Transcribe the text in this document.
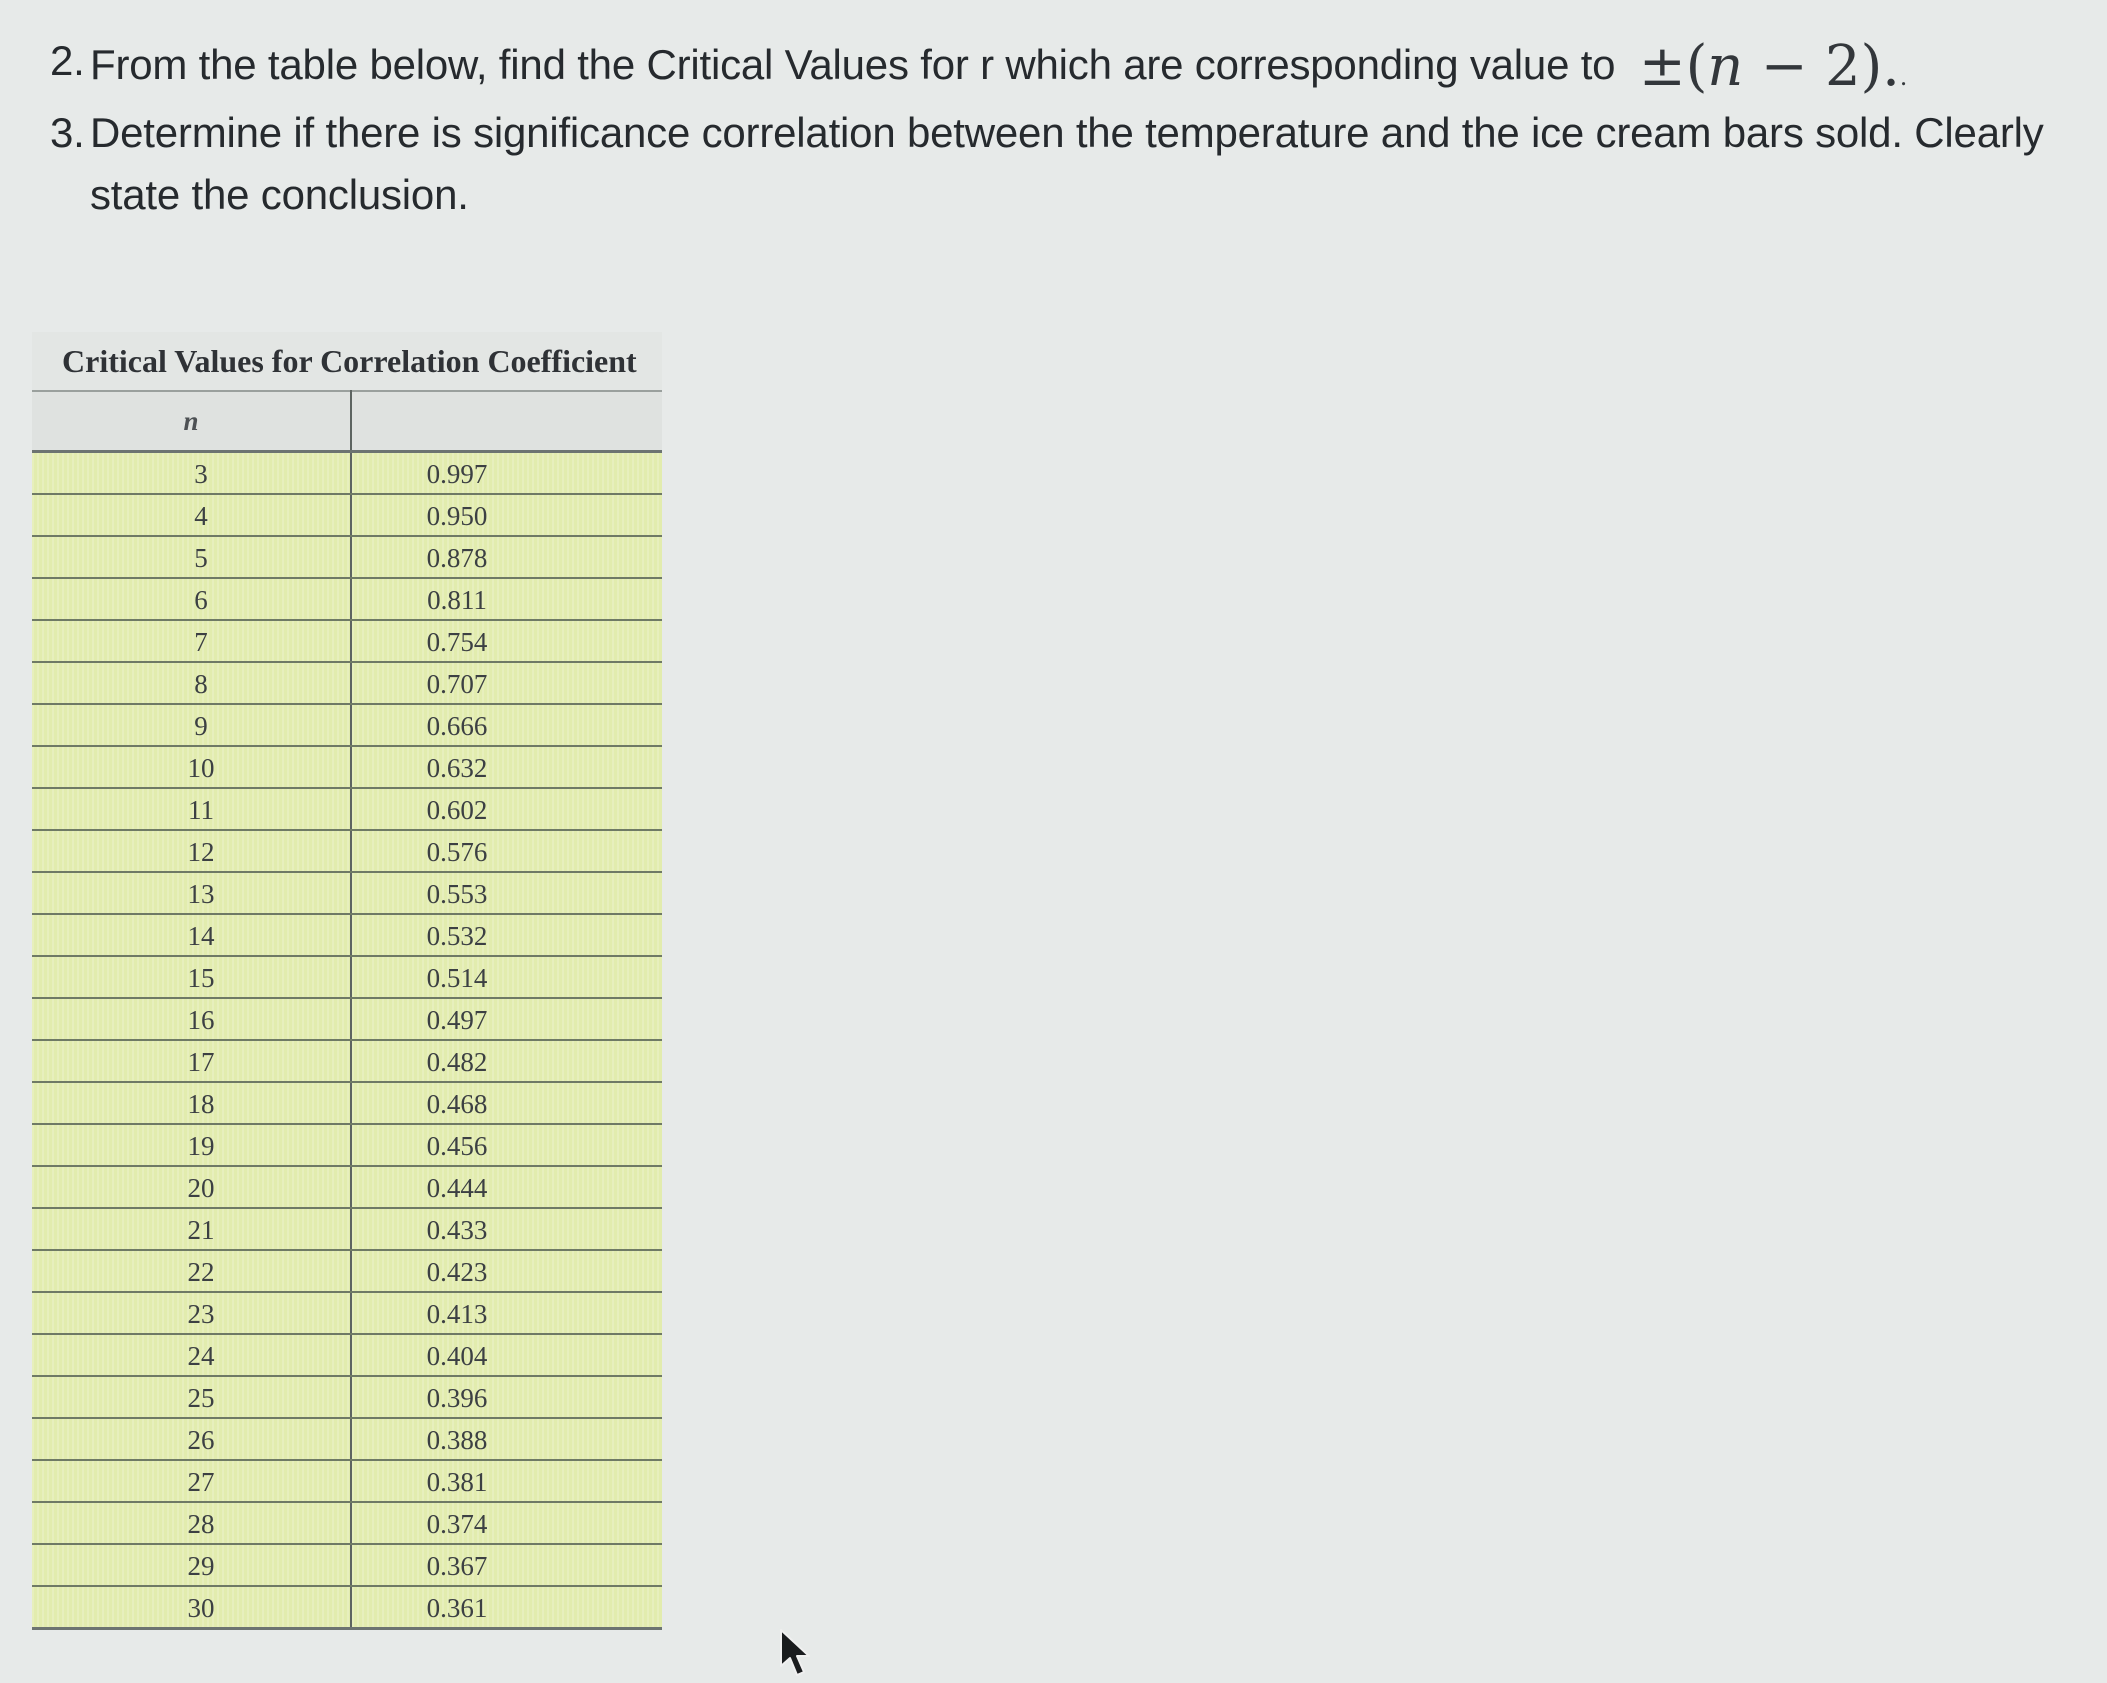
2. From the table below, find the Critical Values for r which are corresponding value to ±(n − 2)..
3. Determine if there is significance correlation between the temperature and the ice cream bars sold. Clearly state the conclusion.
Critical Values for Correlation Coefficient
n	
3	0.997
4	0.950
5	0.878
6	0.811
7	0.754
8	0.707
9	0.666
10	0.632
11	0.602
12	0.576
13	0.553
14	0.532
15	0.514
16	0.497
17	0.482
18	0.468
19	0.456
20	0.444
21	0.433
22	0.423
23	0.413
24	0.404
25	0.396
26	0.388
27	0.381
28	0.374
29	0.367
30	0.361
